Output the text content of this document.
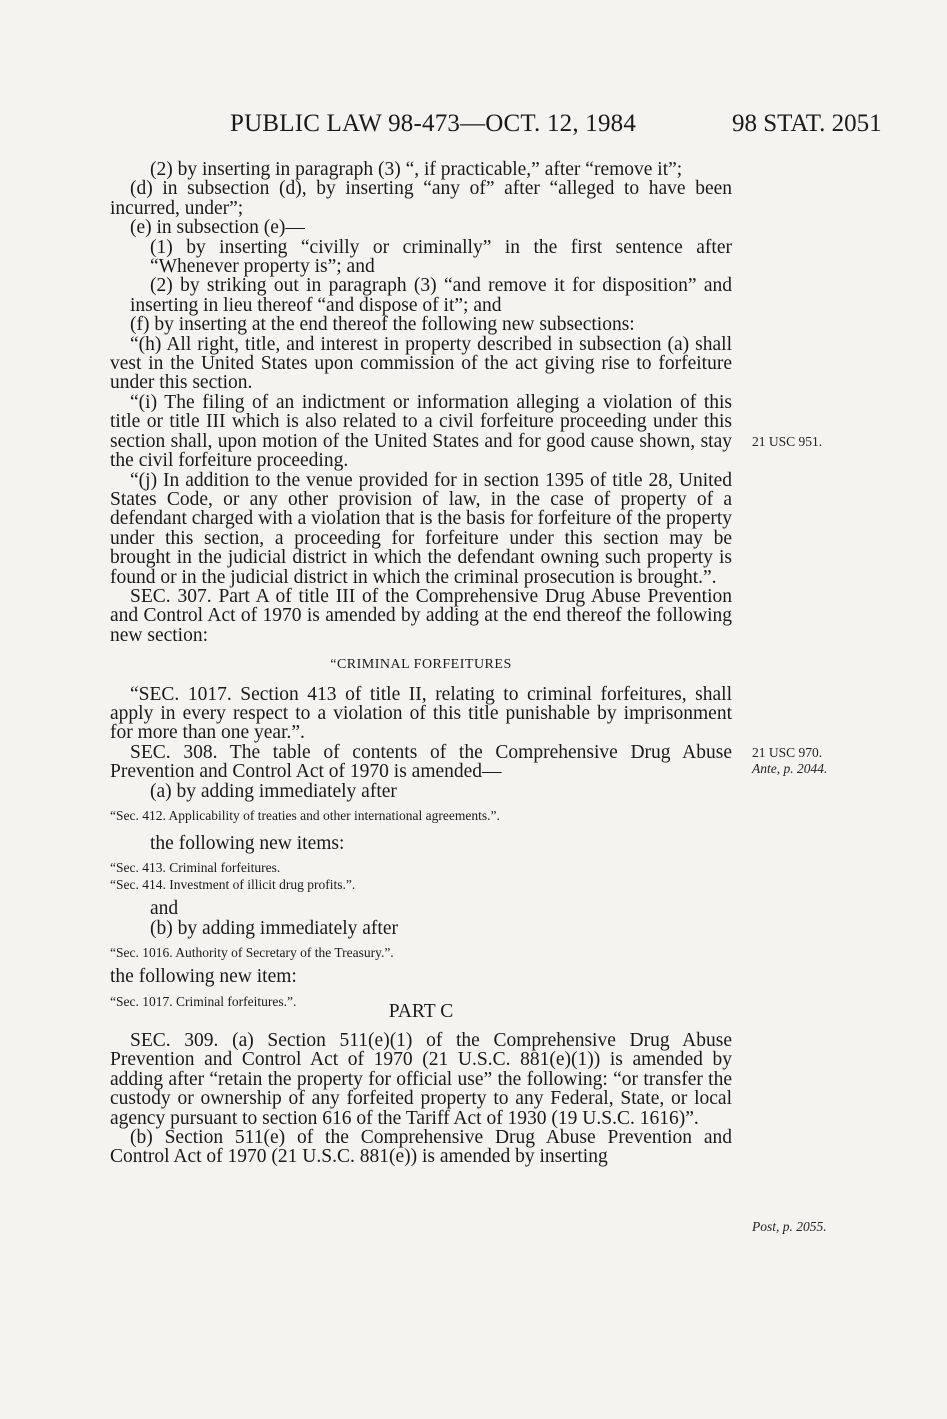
PUBLIC LAW 98-473—OCT. 12, 1984	98 STAT. 2051

(2) by inserting in paragraph (3) “, if practicable,” after “remove it”;

(d) in subsection (d), by inserting “any of” after “alleged to have been incurred, under”;

(e) in subsection (e)—

(1) by inserting “civilly or criminally” in the first sentence after “Whenever property is”; and

(2) by striking out in paragraph (3) “and remove it for disposition” and inserting in lieu thereof “and dispose of it”; and

(f) by inserting at the end thereof the following new subsections:

“(h) All right, title, and interest in property described in subsection (a) shall vest in the United States upon commission of the act giving rise to forfeiture under this section.

“(i) The filing of an indictment or information alleging a violation of this title or title III which is also related to a civil forfeiture proceeding under this section shall, upon motion of the United States and for good cause shown, stay the civil forfeiture proceeding.

“(j) In addition to the venue provided for in section 1395 of title 28, United States Code, or any other provision of law, in the case of property of a defendant charged with a violation that is the basis for forfeiture of the property under this section, a proceeding for forfeiture under this section may be brought in the judicial district in which the defendant owning such property is found or in the judicial district in which the criminal prosecution is brought.”.

SEC. 307. Part A of title III of the Comprehensive Drug Abuse Prevention and Control Act of 1970 is amended by adding at the end thereof the following new section:

“CRIMINAL FORFEITURES

“SEC. 1017. Section 413 of title II, relating to criminal forfeitures, shall apply in every respect to a violation of this title punishable by imprisonment for more than one year.”.

SEC. 308. The table of contents of the Comprehensive Drug Abuse Prevention and Control Act of 1970 is amended—

(a) by adding immediately after

“Sec. 412. Applicability of treaties and other international agreements.”.

the following new items:

“Sec. 413. Criminal forfeitures.

“Sec. 414. Investment of illicit drug profits.”.

and

(b) by adding immediately after

“Sec. 1016. Authority of Secretary of the Treasury.”.

the following new item:

“Sec. 1017. Criminal forfeitures.”.	PART C

SEC. 309. (a) Section 511(e)(1) of the Comprehensive Drug Abuse Prevention and Control Act of 1970 (21 U.S.C. 881(e)(1)) is amended by adding after “retain the property for official use” the following: “or transfer the custody or ownership of any forfeited property to any Federal, State, or local agency pursuant to section 616 of the Tariff Act of 1930 (19 U.S.C. 1616)”.

(b) Section 511(e) of the Comprehensive Drug Abuse Prevention and Control Act of 1970 (21 U.S.C. 881(e)) is amended by inserting

21 USC 951.
21 USC 970.
Ante, p. 2044.
Post, p. 2055.
